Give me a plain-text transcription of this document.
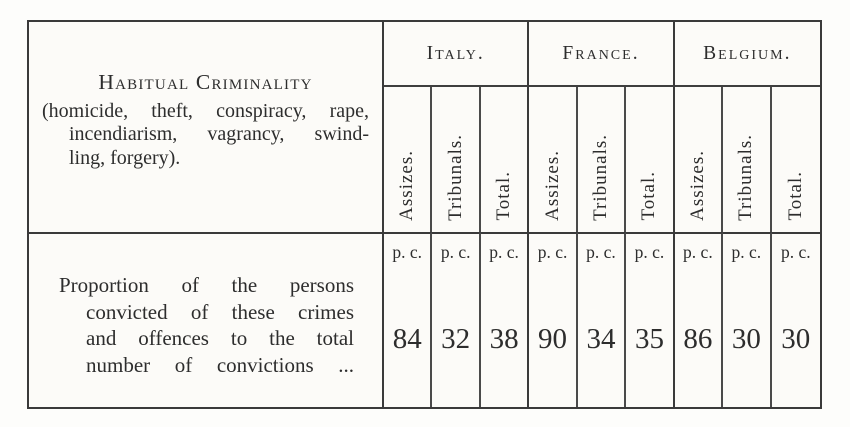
Habitual Criminality
(homicide, theft, conspiracy, rape,
incendiarism, vagrancy, swind-
ling, forgery).
Italy.	France.	Belgium.
Assizes. Tribunals. Total. Assizes. Tribunals. Total. Assizes. Tribunals. Total.
Proportion of the persons
convicted of these crimes
and offences to the total
number of convictions ...
p. c.
84
p. c.
32
p. c.
38
p. c.
90
p. c.
34
p. c.
35
p. c.
86
p. c.
30
p. c.
30
